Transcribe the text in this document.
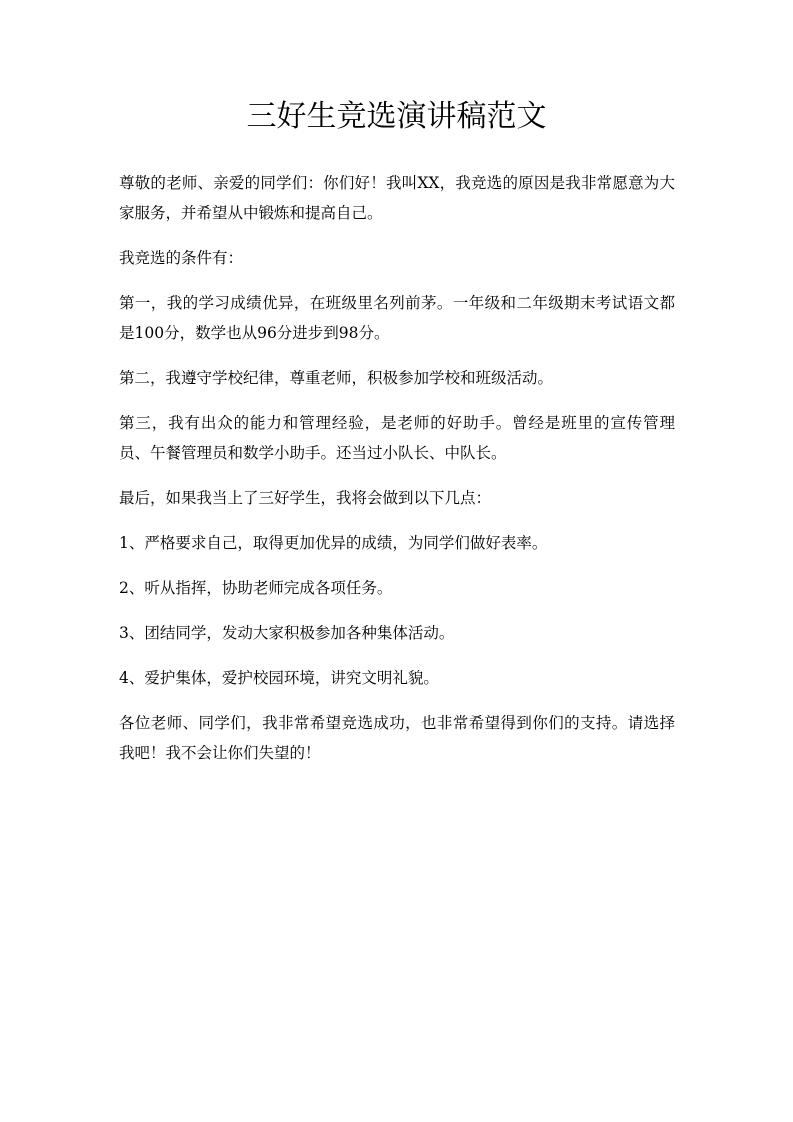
三好生竞选演讲稿范文

尊敬的老师、亲爱的同学们：你们好！我叫XX，我竞选的原因是我非常愿意为大家服务，并希望从中锻炼和提高自己。

我竞选的条件有：

第一，我的学习成绩优异，在班级里名列前茅。一年级和二年级期末考试语文都是100分，数学也从96分进步到98分。

第二，我遵守学校纪律，尊重老师，积极参加学校和班级活动。

第三，我有出众的能力和管理经验，是老师的好助手。曾经是班里的宣传管理员、午餐管理员和数学小助手。还当过小队长、中队长。

最后，如果我当上了三好学生，我将会做到以下几点：

1、严格要求自己，取得更加优异的成绩，为同学们做好表率。

2、听从指挥，协助老师完成各项任务。

3、团结同学，发动大家积极参加各种集体活动。

4、爱护集体，爱护校园环境，讲究文明礼貌。

各位老师、同学们，我非常希望竞选成功，也非常希望得到你们的支持。请选择我吧！我不会让你们失望的！
